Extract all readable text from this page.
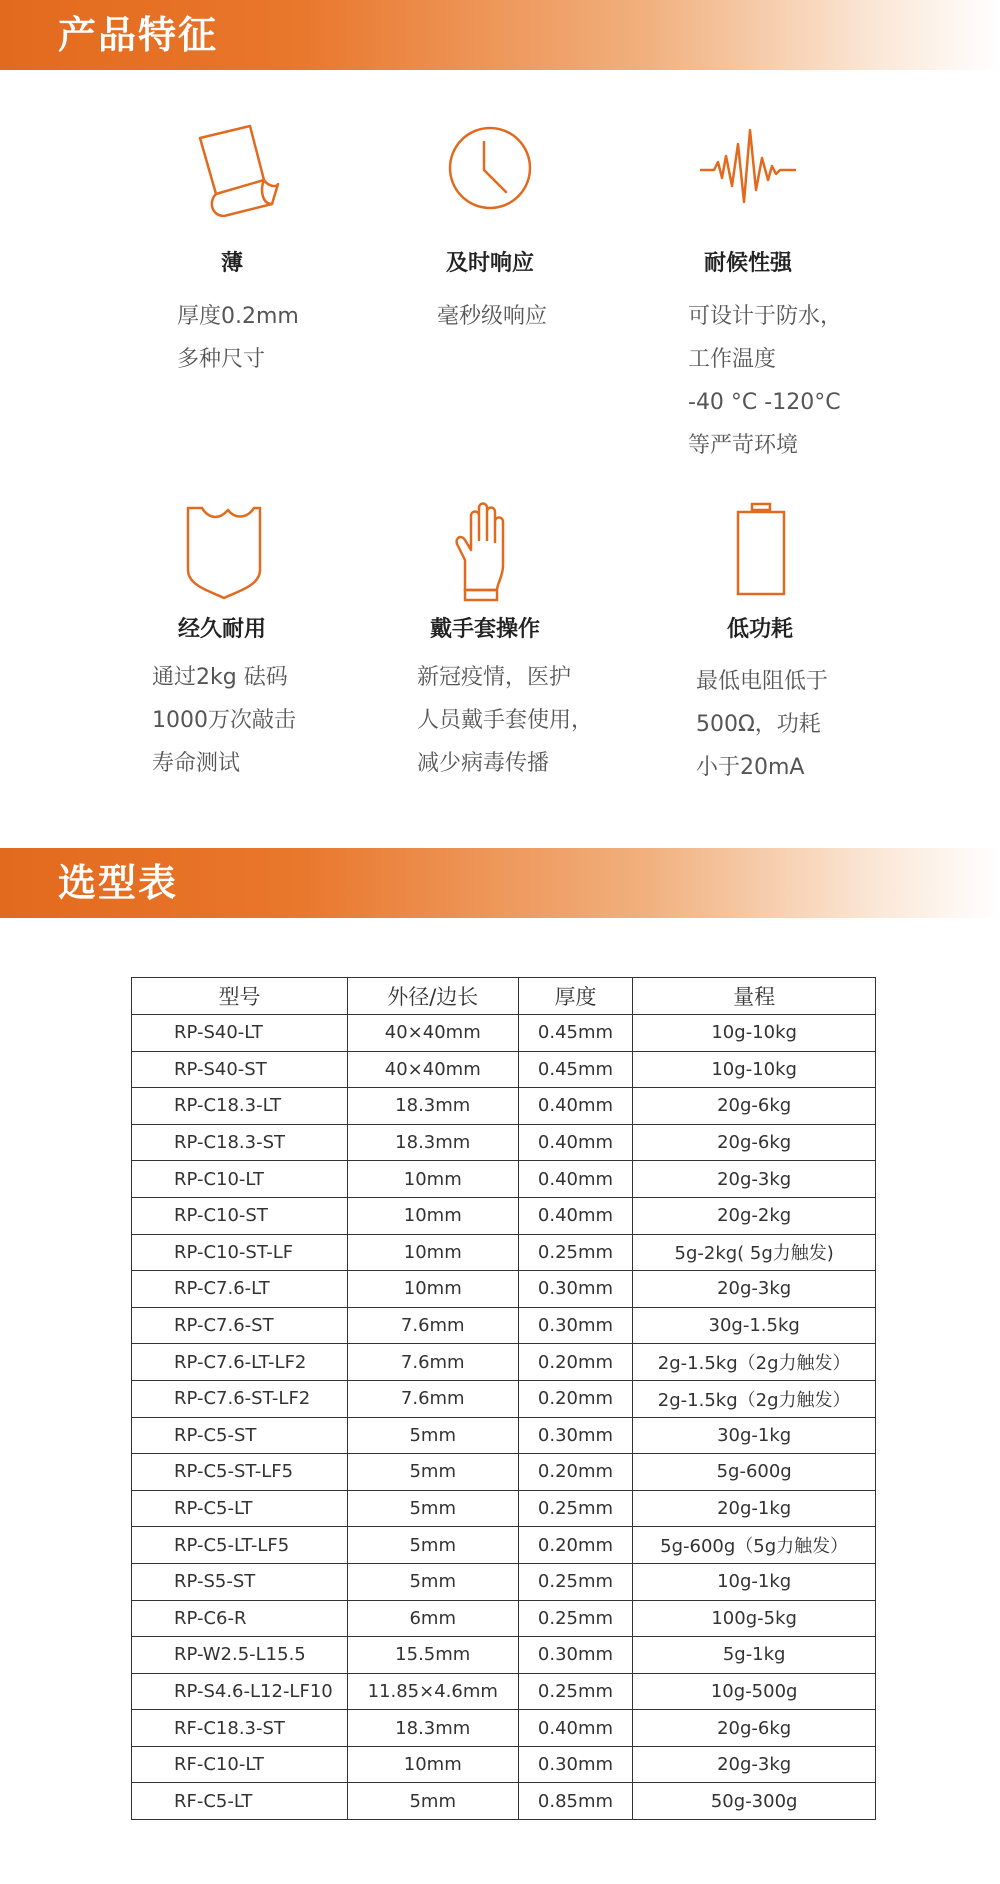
产品特征
薄
厚度0.2mm
多种尺寸
及时响应
毫秒级响应
耐候性强
可设计于防水，
工作温度
-40 °C -120°C
等严苛环境
经久耐用
通过2kg 砝码
1000万次敲击
寿命测试
戴手套操作
新冠疫情，医护
人员戴手套使用，
减少病毒传播
低功耗
最低电阻低于
500Ω，功耗
小于20mA
选型表
型号	外径/边长	厚度	量程
RP-S40-LT	40×40mm	0.45mm	10g-10kg
RP-S40-ST	40×40mm	0.45mm	10g-10kg
RP-C18.3-LT	18.3mm	0.40mm	20g-6kg
RP-C18.3-ST	18.3mm	0.40mm	20g-6kg
RP-C10-LT	10mm	0.40mm	20g-3kg
RP-C10-ST	10mm	0.40mm	20g-2kg
RP-C10-ST-LF	10mm	0.25mm	5g-2kg( 5g力触发)
RP-C7.6-LT	10mm	0.30mm	20g-3kg
RP-C7.6-ST	7.6mm	0.30mm	30g-1.5kg
RP-C7.6-LT-LF2	7.6mm	0.20mm	2g-1.5kg（2g力触发）
RP-C7.6-ST-LF2	7.6mm	0.20mm	2g-1.5kg（2g力触发）
RP-C5-ST	5mm	0.30mm	30g-1kg
RP-C5-ST-LF5	5mm	0.20mm	5g-600g
RP-C5-LT	5mm	0.25mm	20g-1kg
RP-C5-LT-LF5	5mm	0.20mm	5g-600g（5g力触发）
RP-S5-ST	5mm	0.25mm	10g-1kg
RP-C6-R	6mm	0.25mm	100g-5kg
RP-W2.5-L15.5	15.5mm	0.30mm	5g-1kg
RP-S4.6-L12-LF10	11.85×4.6mm	0.25mm	10g-500g
RF-C18.3-ST	18.3mm	0.40mm	20g-6kg
RF-C10-LT	10mm	0.30mm	20g-3kg
RF-C5-LT	5mm	0.85mm	50g-300g
